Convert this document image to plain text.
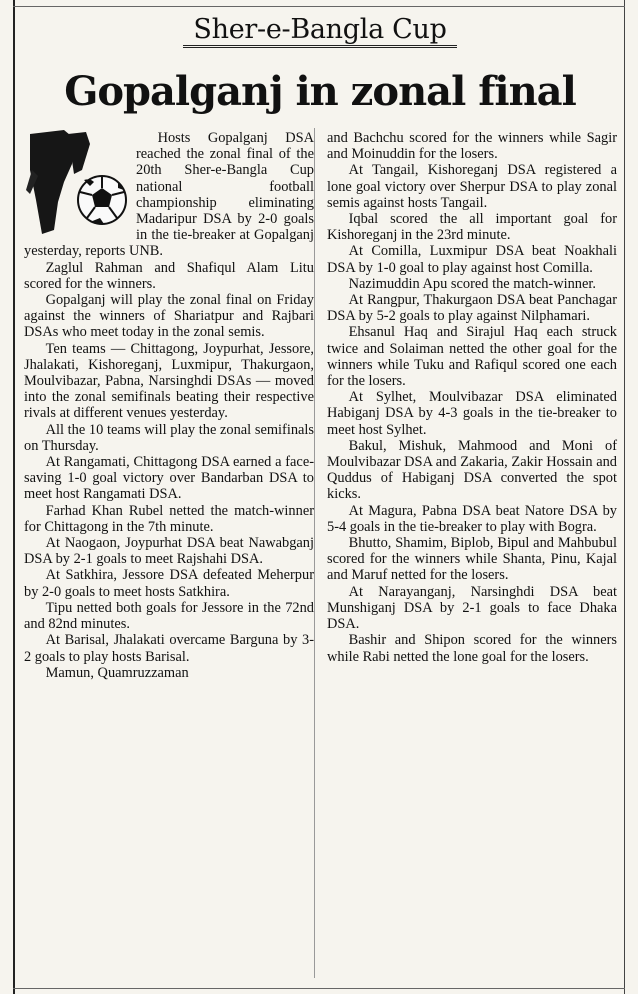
Sher-e-Bangla Cup
Gopalganj in zonal final

Hosts Gopalganj DSA reached the zonal final of the 20th Sher-e-Bangla Cup national football championship eliminating Madaripur DSA by 2-0 goals in the tie-breaker at Gopalganj yesterday, reports UNB.

Zaglul Rahman and Shafiqul Alam Litu scored for the winners.

Gopalganj will play the zonal final on Friday against the winners of Shariatpur and Rajbari DSAs who meet today in the zonal semis.

Ten teams — Chittagong, Joypurhat, Jessore, Jhalakati, Kishoreganj, Luxmipur, Thakurgaon, Moulvibazar, Pabna, Narsinghdi DSAs — moved into the zonal semifinals beating their respective rivals at different venues yesterday.

All the 10 teams will play the zonal semifinals on Thursday.

At Rangamati, Chittagong DSA earned a face-saving 1-0 goal victory over Bandarban DSA to meet host Rangamati DSA.

Farhad Khan Rubel netted the match-winner for Chittagong in the 7th minute.

At Naogaon, Joypurhat DSA beat Nawabganj DSA by 2-1 goals to meet Rajshahi DSA.

At Satkhira, Jessore DSA defeated Meherpur by 2-0 goals to meet hosts Satkhira.

Tipu netted both goals for Jessore in the 72nd and 82nd minutes.

At Barisal, Jhalakati overcame Barguna by 3-2 goals to play hosts Barisal.

Mamun, Quamruzzaman

and Bachchu scored for the winners while Sagir and Moinuddin for the losers.

At Tangail, Kishoreganj DSA registered a lone goal victory over Sherpur DSA to play zonal semis against hosts Tangail.

Iqbal scored the all important goal for Kishoreganj in the 23rd minute.

At Comilla, Luxmipur DSA beat Noakhali DSA by 1-0 goal to play against host Comilla.

Nazimuddin Apu scored the match-winner.

At Rangpur, Thakurgaon DSA beat Panchagar DSA by 5-2 goals to play against Nilphamari.

Ehsanul Haq and Sirajul Haq each struck twice and Solaiman netted the other goal for the winners while Tuku and Rafiqul scored one each for the losers.

At Sylhet, Moulvibazar DSA eliminated Habiganj DSA by 4-3 goals in the tie-breaker to meet host Sylhet.

Bakul, Mishuk, Mahmood and Moni of Moulvibazar DSA and Zakaria, Zakir Hossain and Quddus of Habiganj DSA converted the spot kicks.

At Magura, Pabna DSA beat Natore DSA by 5-4 goals in the tie-breaker to play with Bogra.

Bhutto, Shamim, Biplob, Bipul and Mahbubul scored for the winners while Shanta, Pinu, Kajal and Maruf netted for the losers.

At Narayanganj, Narsinghdi DSA beat Munshiganj DSA by 2-1 goals to face Dhaka DSA.

Bashir and Shipon scored for the winners while Rabi netted the lone goal for the losers.
